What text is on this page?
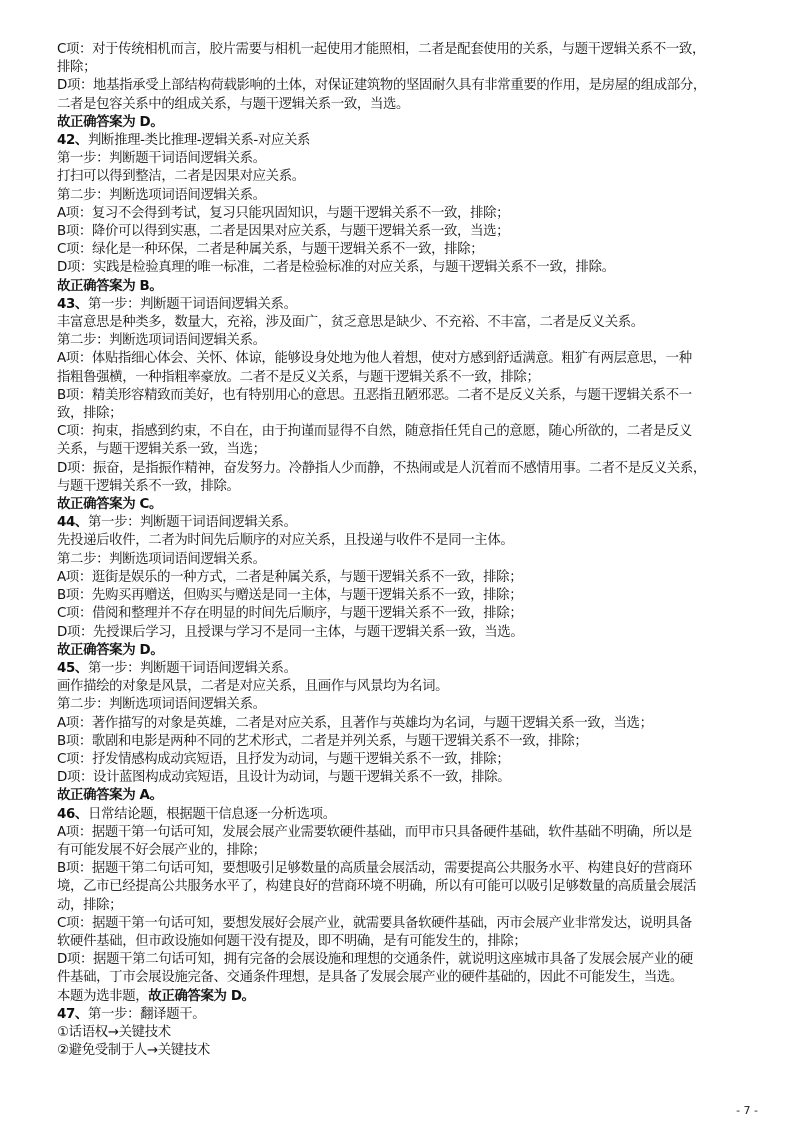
C项：对于传统相机而言，胶片需要与相机一起使用才能照相，二者是配套使用的关系，与题干逻辑关系不一致，
排除；
D项：地基指承受上部结构荷载影响的土体，对保证建筑物的坚固耐久具有非常重要的作用，是房屋的组成部分，
二者是包容关系中的组成关系，与题干逻辑关系一致，当选。
故正确答案为 D。
42、判断推理-类比推理-逻辑关系-对应关系
第一步：判断题干词语间逻辑关系。
打扫可以得到整洁，二者是因果对应关系。
第二步：判断选项词语间逻辑关系。
A项：复习不会得到考试，复习只能巩固知识，与题干逻辑关系不一致，排除；
B项：降价可以得到实惠，二者是因果对应关系，与题干逻辑关系一致，当选；
C项：绿化是一种环保，二者是种属关系，与题干逻辑关系不一致，排除；
D项：实践是检验真理的唯一标准，二者是检验标准的对应关系，与题干逻辑关系不一致，排除。
故正确答案为 B。
43、第一步：判断题干词语间逻辑关系。
丰富意思是种类多，数量大，充裕，涉及面广，贫乏意思是缺少、不充裕、不丰富，二者是反义关系。
第二步：判断选项词语间逻辑关系。
A项：体贴指细心体会、关怀、体谅，能够设身处地为他人着想，使对方感到舒适满意。粗犷有两层意思，一种
指粗鲁强横，一种指粗率豪放。二者不是反义关系，与题干逻辑关系不一致，排除；
B项：精美形容精致而美好，也有特别用心的意思。丑恶指丑陋邪恶。二者不是反义关系，与题干逻辑关系不一
致，排除；
C项：拘束，指感到约束，不自在，由于拘谨而显得不自然，随意指任凭自己的意愿，随心所欲的，二者是反义
关系，与题干逻辑关系一致，当选；
D项：振奋，是指振作精神，奋发努力。冷静指人少而静，不热闹或是人沉着而不感情用事。二者不是反义关系，
与题干逻辑关系不一致，排除。
故正确答案为 C。
44、第一步：判断题干词语间逻辑关系。
先投递后收件，二者为时间先后顺序的对应关系，且投递与收件不是同一主体。
第二步：判断选项词语间逻辑关系。
A项：逛街是娱乐的一种方式，二者是种属关系，与题干逻辑关系不一致，排除；
B项：先购买再赠送，但购买与赠送是同一主体，与题干逻辑关系不一致，排除；
C项：借阅和整理并不存在明显的时间先后顺序，与题干逻辑关系不一致，排除；
D项：先授课后学习，且授课与学习不是同一主体，与题干逻辑关系一致，当选。
故正确答案为 D。
45、第一步：判断题干词语间逻辑关系。
画作描绘的对象是风景，二者是对应关系，且画作与风景均为名词。
第二步：判断选项词语间逻辑关系。
A项：著作描写的对象是英雄，二者是对应关系，且著作与英雄均为名词，与题干逻辑关系一致，当选；
B项：歌剧和电影是两种不同的艺术形式，二者是并列关系，与题干逻辑关系不一致，排除；
C项：抒发情感构成动宾短语，且抒发为动词，与题干逻辑关系不一致，排除；
D项：设计蓝图构成动宾短语，且设计为动词，与题干逻辑关系不一致，排除。
故正确答案为 A。
46、日常结论题，根据题干信息逐一分析选项。
A项：据题干第一句话可知，发展会展产业需要软硬件基础，而甲市只具备硬件基础，软件基础不明确，所以是
有可能发展不好会展产业的，排除；
B项：据题干第二句话可知，要想吸引足够数量的高质量会展活动，需要提高公共服务水平、构建良好的营商环
境，乙市已经提高公共服务水平了，构建良好的营商环境不明确，所以有可能可以吸引足够数量的高质量会展活
动，排除；
C项：据题干第一句话可知，要想发展好会展产业，就需要具备软硬件基础，丙市会展产业非常发达，说明具备
软硬件基础，但市政设施如何题干没有提及，即不明确，是有可能发生的，排除；
D项：据题干第二句话可知，拥有完备的会展设施和理想的交通条件，就说明这座城市具备了发展会展产业的硬
件基础，丁市会展设施完备、交通条件理想，是具备了发展会展产业的硬件基础的，因此不可能发生，当选。
本题为选非题，故正确答案为 D。
47、第一步：翻译题干。
①话语权→关键技术
②避免受制于人→关键技术
- 7 -
